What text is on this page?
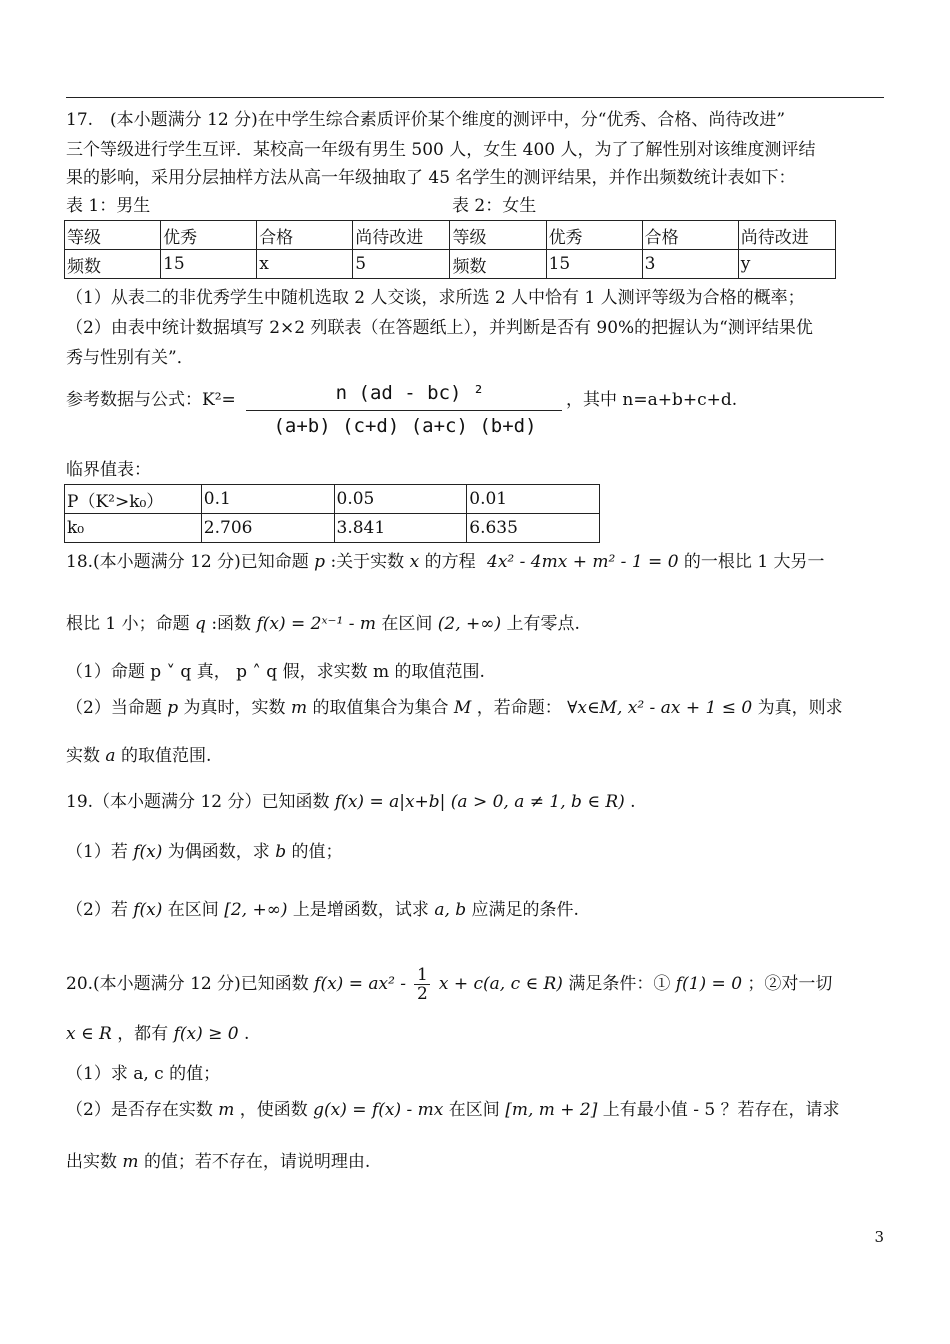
17.　(本小题满分 12 分)在中学生综合素质评价某个维度的测评中，分“优秀、合格、尚待改进”
三个等级进行学生互评．某校高一年级有男生 500 人，女生 400 人，为了了解性别对该维度测评结
果的影响，采用分层抽样方法从高一年级抽取了 45 名学生的测评结果，并作出频数统计表如下：
表 1：男生	表 2：女生
等级	优秀	合格	尚待改进	等级	优秀	合格	尚待改进
频数	15	x	5	频数	15	3	y
（1）从表二的非优秀学生中随机选取 2 人交谈，求所选 2 人中恰有 1 人测评等级为合格的概率；
（2）由表中统计数据填写 2×2 列联表（在答题纸上），并判断是否有 90%的把握认为“测评结果优
秀与性别有关”．
参考数据与公式：K²=	n (ad - bc) ²
(a+b) (c+d) (a+c) (b+d)
，其中 n=a+b+c+d.
临界值表：
P（K²>k₀）	0.1	0.05	0.01
k₀	2.706	3.841	6.635
18.(本小题满分 12 分)已知命题 p :关于实数 x 的方程 4x² - 4mx + m² - 1 = 0 的一根比 1 大另一
根比 1 小；命题 q :函数 f(x) = 2ˣ⁻¹ - m 在区间 (2, +∞) 上有零点.
（1）命题 p ˅ q 真， p ˄ q 假，求实数 m 的取值范围.
（2）当命题 p 为真时，实数 m 的取值集合为集合 M ，若命题： ∀x∈M, x² - ax + 1 ≤ 0 为真，则求
实数 a 的取值范围.
19.（本小题满分 12 分）已知函数 f(x) = a|x+b| (a > 0, a ≠ 1, b ∈ R) .
（1）若 f(x) 为偶函数，求 b 的值；
（2）若 f(x) 在区间 [2, +∞) 上是增函数，试求 a, b 应满足的条件.
20.(本小题满分 12 分)已知函数 $f(x) = ax^2 - \frac{1}{2}$ x + c(a, c ∈ R) 满足条件：① f(1) = 0 ；②对一切
x ∈ R ，都有 f(x) ≥ 0 .
（1）求 a, c 的值；
（2）是否存在实数 m ，使函数 g(x) = f(x) - mx 在区间 [m, m + 2] 上有最小值 - 5 ？若存在，请求
出实数 m 的值；若不存在，请说明理由.
3
